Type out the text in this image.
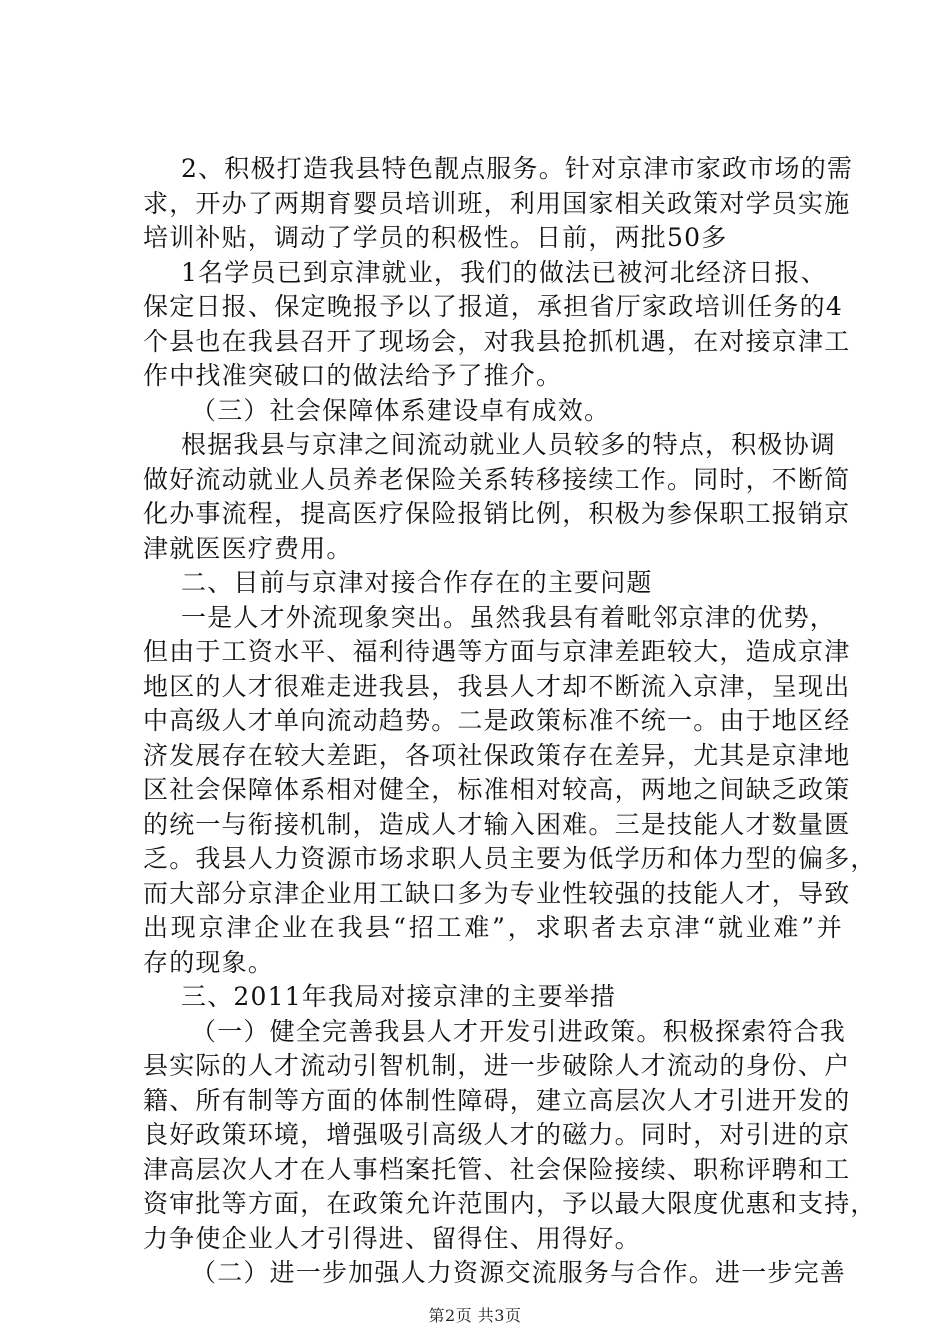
2、积极打造我县特色靓点服务。针对京津市家政市场的需
求，开办了两期育婴员培训班，利用国家相关政策对学员实施
培训补贴，调动了学员的积极性。日前，两批50多
1名学员已到京津就业，我们的做法已被河北经济日报、
保定日报、保定晚报予以了报道，承担省厅家政培训任务的4
个县也在我县召开了现场会，对我县抢抓机遇，在对接京津工
作中找准突破口的做法给予了推介。
（三）社会保障体系建设卓有成效。
根据我县与京津之间流动就业人员较多的特点，积极协调
做好流动就业人员养老保险关系转移接续工作。同时，不断简
化办事流程，提高医疗保险报销比例，积极为参保职工报销京
津就医医疗费用。
二、目前与京津对接合作存在的主要问题
一是人才外流现象突出。虽然我县有着毗邻京津的优势，
但由于工资水平、福利待遇等方面与京津差距较大，造成京津
地区的人才很难走进我县，我县人才却不断流入京津，呈现出
中高级人才单向流动趋势。二是政策标准不统一。由于地区经
济发展存在较大差距，各项社保政策存在差异，尤其是京津地
区社会保障体系相对健全，标准相对较高，两地之间缺乏政策
的统一与衔接机制，造成人才输入困难。三是技能人才数量匮
乏。我县人力资源市场求职人员主要为低学历和体力型的偏多，
而大部分京津企业用工缺口多为专业性较强的技能人才，导致
出现京津企业在我县“招工难”，求职者去京津“就业难”并
存的现象。
三、2011年我局对接京津的主要举措
（一）健全完善我县人才开发引进政策。积极探索符合我
县实际的人才流动引智机制，进一步破除人才流动的身份、户
籍、所有制等方面的体制性障碍，建立高层次人才引进开发的
良好政策环境，增强吸引高级人才的磁力。同时，对引进的京
津高层次人才在人事档案托管、社会保险接续、职称评聘和工
资审批等方面，在政策允许范围内，予以最大限度优惠和支持，
力争使企业人才引得进、留得住、用得好。
（二）进一步加强人力资源交流服务与合作。进一步完善
第2页 共3页
